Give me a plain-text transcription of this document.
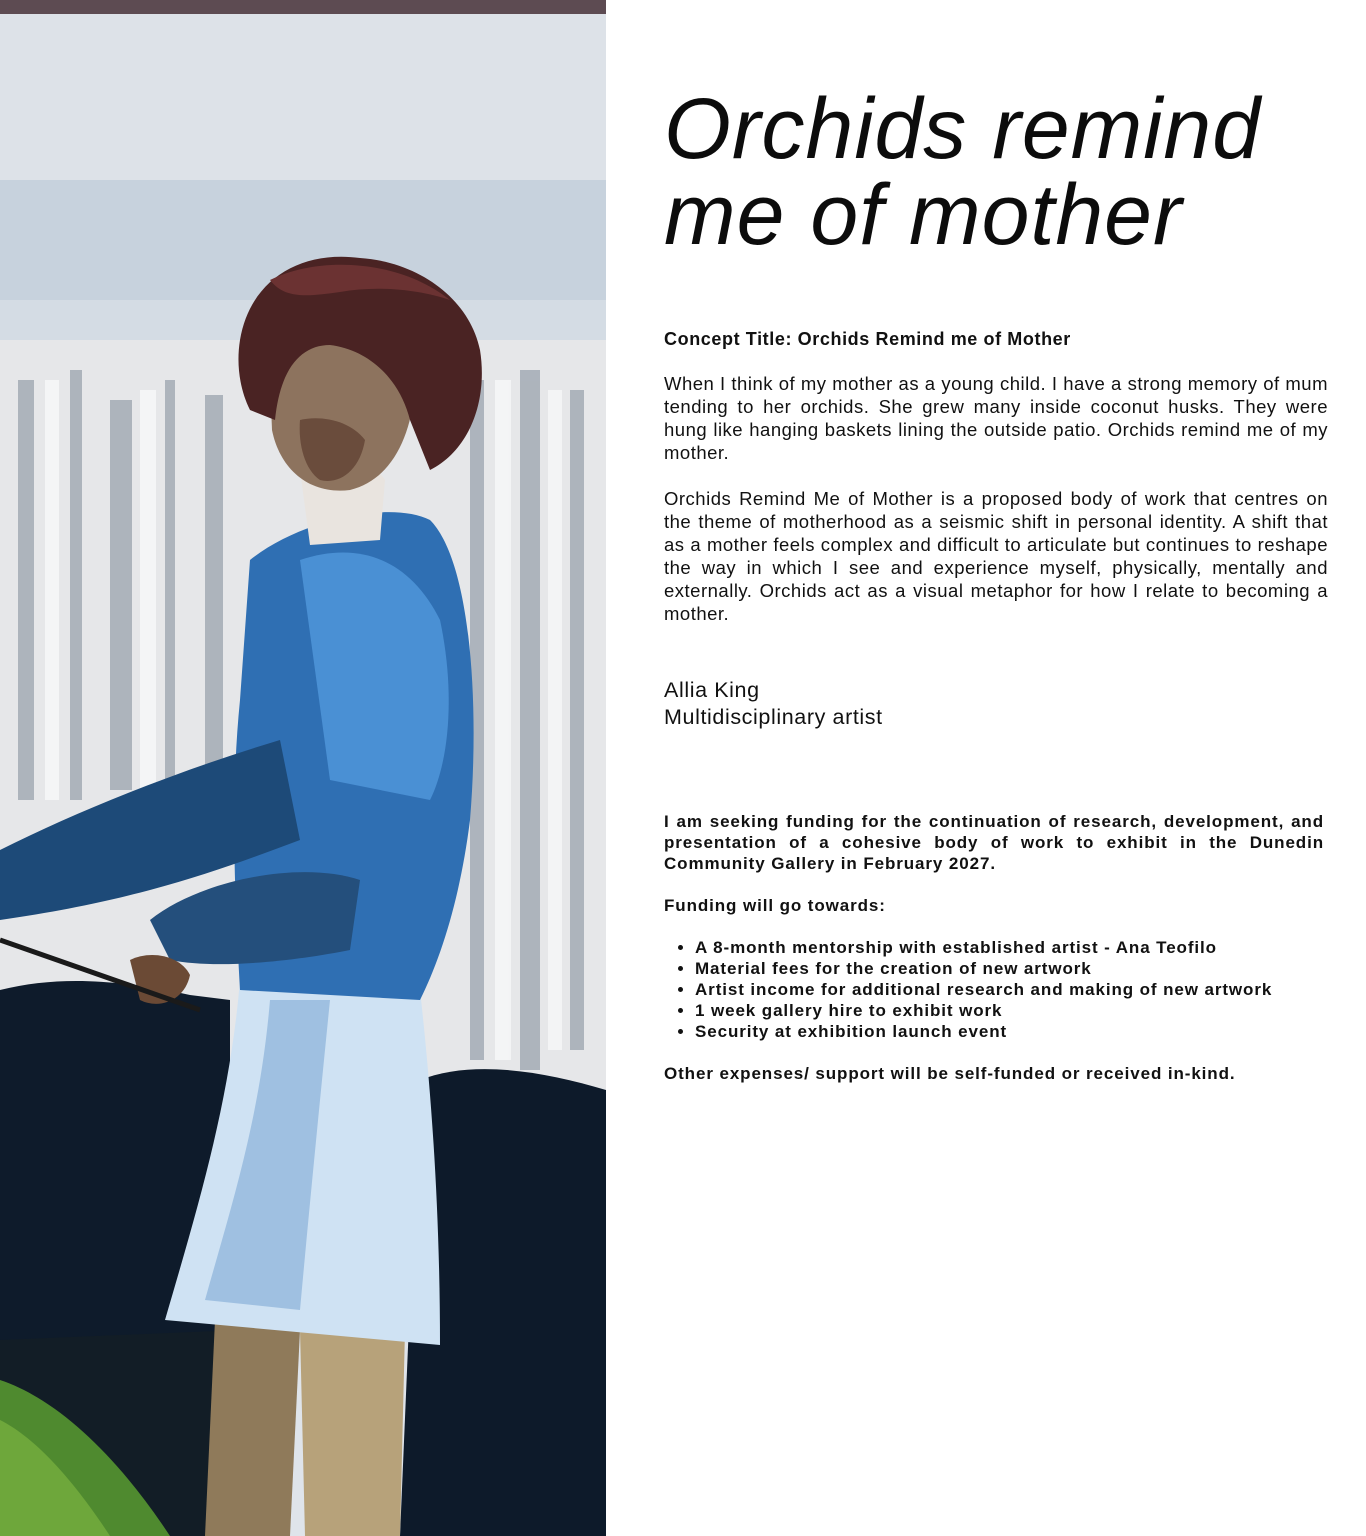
Orchids remind me of mother
Concept Title: Orchids Remind me of Mother

When I think of my mother as a young child. I have a strong memory of mum tending to her orchids. She grew many inside coconut husks. They were hung like hanging baskets lining the outside patio. Orchids remind me of my mother.

Orchids Remind Me of Mother is a proposed body of work that centres on the theme of motherhood as a seismic shift in personal identity. A shift that as a mother feels complex and difficult to articulate but continues to reshape the way in which I see and experience myself, physically, mentally and externally. Orchids act as a visual metaphor for how I relate to becoming a mother.

Allia King
Multidisciplinary artist

I am seeking funding for the continuation of research, development, and presentation of a cohesive body of work to exhibit in the Dunedin Community Gallery in February 2027.

Funding will go towards:

• A 8-month mentorship with established artist - Ana Teofilo
• Material fees for the creation of new artwork
• Artist income for additional research and making of new artwork
• 1 week gallery hire to exhibit work
• Security at exhibition launch event

Other expenses/ support will be self-funded or received in-kind.
